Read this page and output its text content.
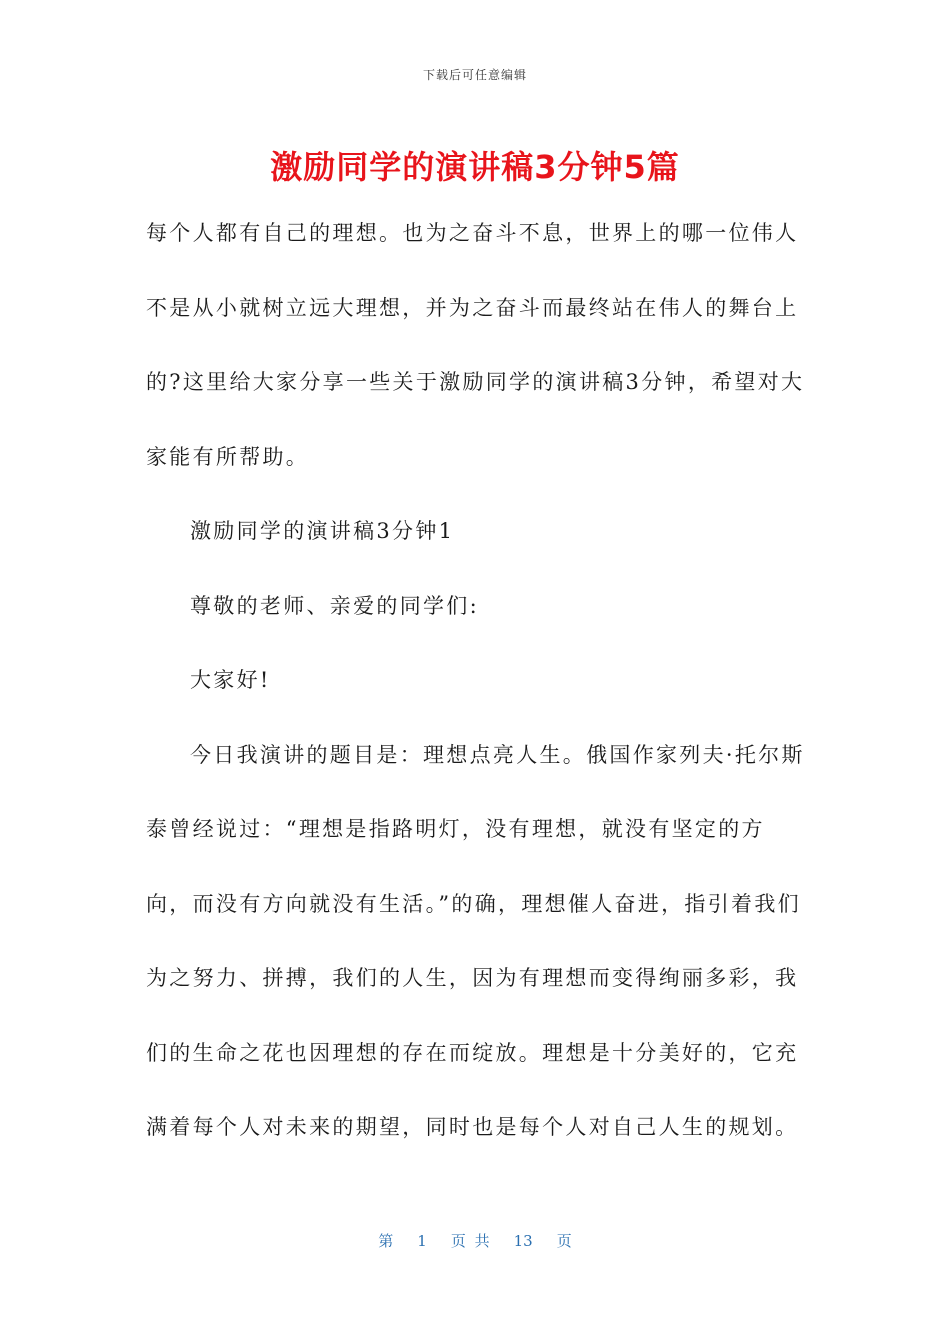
下载后可任意编辑
激励同学的演讲稿3分钟5篇

每个人都有自己的理想。也为之奋斗不息，世界上的哪一位伟人不是从小就树立远大理想，并为之奋斗而最终站在伟人的舞台上的?这里给大家分享一些关于激励同学的演讲稿3分钟，希望对大家能有所帮助。

激励同学的演讲稿3分钟1

尊敬的老师、亲爱的同学们:

大家好!

今日我演讲的题目是：理想点亮人生。俄国作家列夫·托尔斯泰曾经说过：“理想是指路明灯，没有理想，就没有坚定的方向，而没有方向就没有生活。”的确，理想催人奋进，指引着我们为之努力、拼搏，我们的人生，因为有理想而变得绚丽多彩，我们的生命之花也因理想的存在而绽放。理想是十分美好的，它充满着每个人对未来的期望，同时也是每个人对自己人生的规划。

第 1 页 共 13 页
